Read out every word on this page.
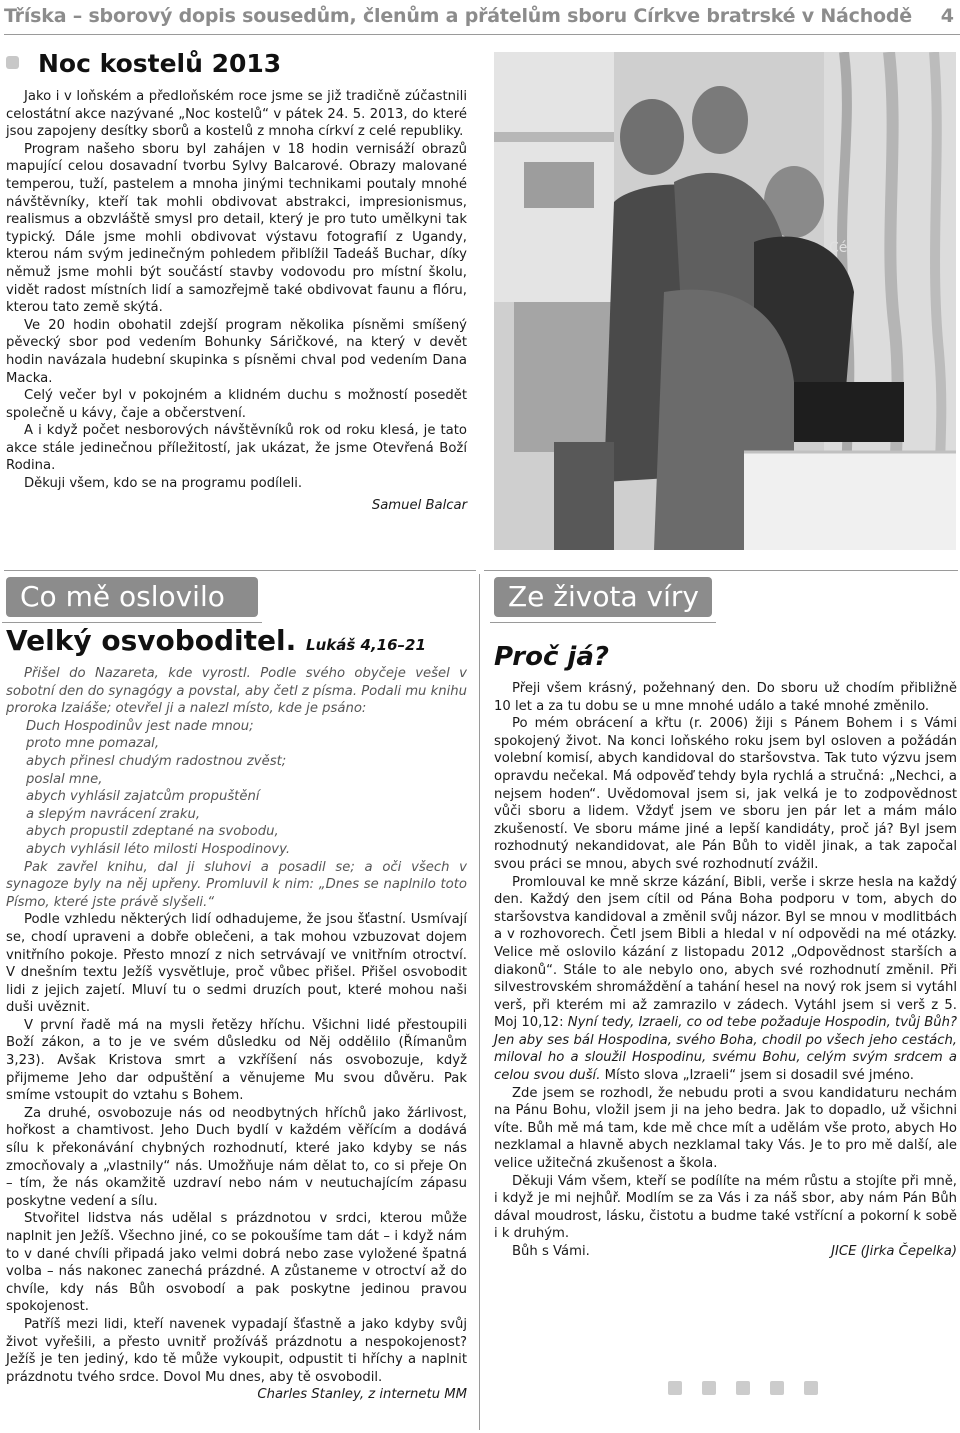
Tříska – sborový dopis sousedům, členům a přátelům sboru Církve bratrské v Náchodě 4
Noc kostelů 2013

Jako i v loňském a předloňském roce jsme se již tradičně zúčastnili celostátní akce nazývané „Noc kostelů“ v pátek 24. 5. 2013, do které jsou zapojeny desítky sborů a kostelů z mnoha církví z celé republiky.

Program našeho sboru byl zahájen v 18 hodin vernisáží obrazů mapující celou dosavadní tvorbu Sylvy Balcarové. Obrazy malované temperou, tuží, pastelem a mnoha jinými technikami poutaly mnohé návštěvníky, kteří tak mohli obdivovat abstrakci, impresionismus, realismus a obzvláště smysl pro detail, který je pro tuto umělkyni tak typický. Dále jsme mohli obdivovat výstavu fotografií z Ugandy, kterou nám svým jedinečným pohledem přiblížil Tadeáš Buchar, díky němuž jsme mohli být součástí stavby vodovodu pro místní školu, vidět radost místních lidí a samozřejmě také obdivovat faunu a flóru, kterou tato země skýtá.

Ve 20 hodin obohatil zdejší program několika písněmi smíšený pěvecký sbor pod vedením Bohunky Sáričkové, na který v devět hodin navázala hudební skupinka s písněmi chval pod vedením Dana Macka.

Celý večer byl v pokojném a klidném duchu s možností posedět společně u kávy, čaje a občerstvení.

A i když počet nesborových návštěvníků rok od roku klesá, je tato akce stále jedinečnou příležitostí, jak ukázat, že jsme Otevřená Boží Rodina.

Děkuji všem, kdo se na programu podíleli.

Samuel Balcar

Cé
Co mě oslovilo
Velký osvoboditel. Lukáš 4,16–21

Přišel do Nazareta, kde vyrostl. Podle svého obyčeje vešel v sobotní den do synagógy a povstal, aby četl z písma. Podali mu knihu proroka Izaiáše; otevřel ji a nalezl místo, kde je psáno:

Duch Hospodinův jest nade mnou;

proto mne pomazal,

abych přinesl chudým radostnou zvěst;

poslal mne,

abych vyhlásil zajatcům propuštění

a slepým navrácení zraku,

abych propustil zdeptané na svobodu,

abych vyhlásil léto milosti Hospodinovy.

Pak zavřel knihu, dal ji sluhovi a posadil se; a oči všech v synagoze byly na něj upřeny. Promluvil k nim: „Dnes se naplnilo toto Písmo, které jste právě slyšeli.“

Podle vzhledu některých lidí odhadujeme, že jsou šťastní. Usmívají se, chodí upraveni a dobře oblečeni, a tak mohou vzbuzovat dojem vnitřního pokoje. Přesto mnozí z nich setrvávají ve vnitřním otroctví. V dnešním textu Ježíš vysvětluje, proč vůbec přišel. Přišel osvobodit lidi z jejich zajetí. Mluví tu o sedmi druzích pout, které mohou naši duši uvěznit.

V první řadě má na mysli řetězy hříchu. Všichni lidé přestoupili Boží zákon, a to je ve svém důsledku od Něj oddělilo (Římanům 3,23). Avšak Kristova smrt a vzkříšení nás osvobozuje, když přijmeme Jeho dar odpuštění a věnujeme Mu svou důvěru. Pak smíme vstoupit do vztahu s Bohem.

Za druhé, osvobozuje nás od neodbytných hříchů jako žárlivost, hořkost a chamtivost. Jeho Duch bydlí v každém věřícím a dodává sílu k překonávání chybných rozhodnutí, které jako kdyby se nás zmocňovaly a „vlastnily“ nás. Umožňuje nám dělat to, co si přeje On – tím, že nás okamžitě uzdraví nebo nám v neutuchajícím zápasu poskytne vedení a sílu.

Stvořitel lidstva nás udělal s prázdnotou v srdci, kterou může naplnit jen Ježíš. Všechno jiné, co se pokoušíme tam dát – i když nám to v dané chvíli připadá jako velmi dobrá nebo zase vyložené špatná volba – nás nakonec zanechá prázdné. A zůstaneme v otroctví až do chvíle, kdy nás Bůh osvobodí a pak poskytne jedinou pravou spokojenost.

Patříš mezi lidi, kteří navenek vypadají šťastně a jako kdyby svůj život vyřešili, a přesto uvnitř prožíváš prázdnotu a nespokojenost? Ježíš je ten jediný, kdo tě může vykoupit, odpustit ti hříchy a naplnit prázdnotu tvého srdce. Dovol Mu dnes, aby tě osvobodil.

Charles Stanley, z internetu MM

Ze života víry
Proč já?

Přeji všem krásný, požehnaný den. Do sboru už chodím přibližně 10 let a za tu dobu se u mne mnohé událo a také mnohé změnilo.

Po mém obrácení a křtu (r. 2006) žiji s Pánem Bohem i s Vámi spokojený život. Na konci loňského roku jsem byl osloven a požádán volební komisí, abych kandidoval do staršovstva. Tak tuto výzvu jsem opravdu nečekal. Má odpověď tehdy byla rychlá a stručná: „Nechci, a nejsem hoden“. Uvědomoval jsem si, jak velká je to zodpovědnost vůči sboru a lidem. Vždyť jsem ve sboru jen pár let a mám málo zkušeností. Ve sboru máme jiné a lepší kandidáty, proč já? Byl jsem rozhodnutý nekandidovat, ale Pán Bůh to viděl jinak, a tak započal svou práci se mnou, abych své rozhodnutí zvážil.

Promlouval ke mně skrze kázání, Bibli, verše i skrze hesla na každý den. Každý den jsem cítil od Pána Boha podporu v tom, abych do staršovstva kandidoval a změnil svůj názor. Byl se mnou v modlitbách a v rozhovorech. Četl jsem Bibli a hledal v ní odpovědi na mé otázky. Velice mě oslovilo kázání z listopadu 2012 „Odpovědnost starších a diakonů“. Stále to ale nebylo ono, abych své rozhodnutí změnil. Při silvestrovském shromáždění a tahání hesel na nový rok jsem si vytáhl verš, při kterém mi až zamrazilo v zádech. Vytáhl jsem si verš z 5. Moj 10,12: Nyní tedy, Izraeli, co od tebe požaduje Hospodin, tvůj Bůh? Jen aby ses bál Hospodina, svého Boha, chodil po všech jeho cestách, miloval ho a sloužil Hospodinu, svému Bohu, celým svým srdcem a celou svou duší. Místo slova „Izraeli“ jsem si dosadil své jméno.

Zde jsem se rozhodl, že nebudu proti a svou kandidaturu nechám na Pánu Bohu, vložil jsem ji na jeho bedra. Jak to dopadlo, už všichni víte. Bůh mě má tam, kde mě chce mít a udělám vše proto, abych Ho nezklamal a hlavně abych nezklamal taky Vás. Je to pro mě další, ale velice užitečná zkušenost a škola.

Děkuji Vám všem, kteří se podílíte na mém růstu a stojíte při mně, i když je mi nejhůř. Modlím se za Vás i za náš sbor, aby nám Pán Bůh dával moudrost, lásku, čistotu a budme také vstřícní a pokorní k sobě i k druhým.

Bůh s Vámi.	JICE (Jirka Čepelka)
